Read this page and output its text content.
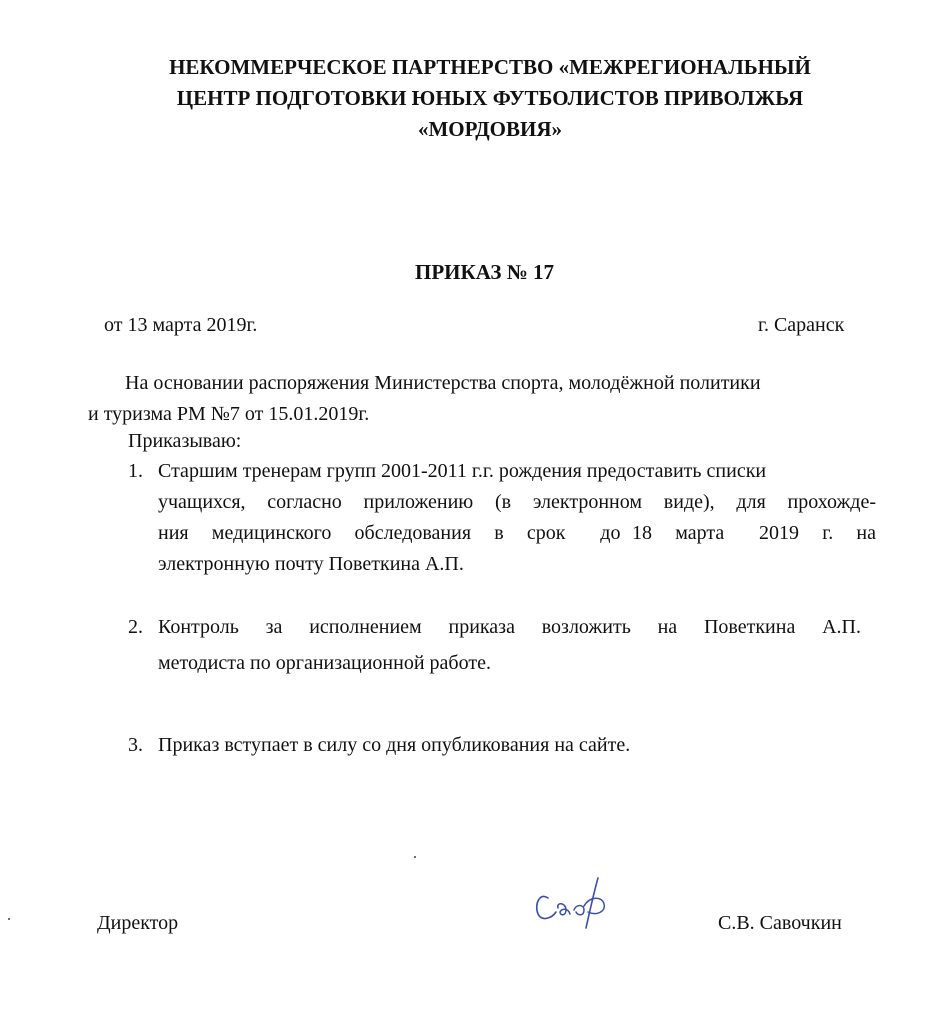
НЕКОММЕРЧЕСКОЕ ПАРТНЕРСТВО «МЕЖРЕГИОНАЛЬНЫЙ
ЦЕНТР ПОДГОТОВКИ ЮНЫХ ФУТБОЛИСТОВ ПРИВОЛЖЬЯ
«МОРДОВИЯ»
ПРИКАЗ № 17
от 13 марта 2019г.	г. Саранск
На основании распоряжения Министерства спорта, молодёжной политики
и туризма РМ №7 от 15.01.2019г.
Приказываю:
1. Старшим тренерам групп 2001-2011 г.г. рождения предоставить списки
учащихся, согласно приложению (в электронном виде), для прохожде-
ния  медицинского  обследования  в  срок   до 18  марта   2019  г.  на
электронную почту Поветкина А.П.
2. Контроль  за  исполнением  приказа  возложить  на  Поветкина  А.П.
методиста по организационной работе.
3. Приказ вступает в силу со дня опубликования на сайте.
Директор	С.В. Савочкин
